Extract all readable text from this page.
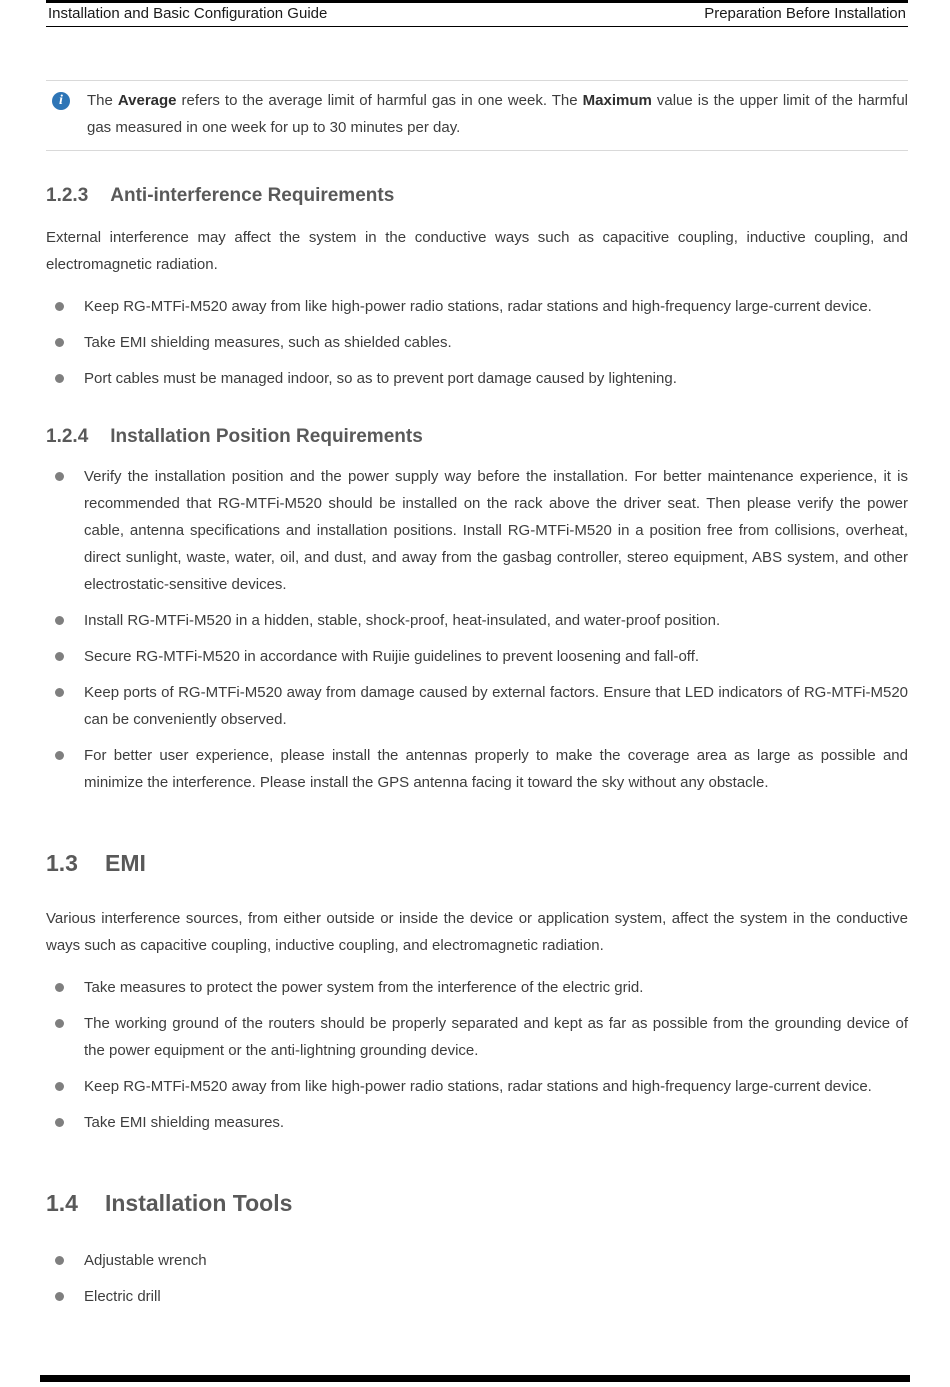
Installation and Basic Configuration Guide	Preparation Before Installation
i	The Average refers to the average limit of harmful gas in one week. The Maximum value is the upper limit of the harmful gas measured in one week for up to 30 minutes per day.

1.2.3 Anti-interference Requirements

External interference may affect the system in the conductive ways such as capacitive coupling, inductive coupling, and electromagnetic radiation.

Keep RG-MTFi-M520 away from like high-power radio stations, radar stations and high-frequency large-current device.
Take EMI shielding measures, such as shielded cables.
Port cables must be managed indoor, so as to prevent port damage caused by lightening.
1.2.4 Installation Position Requirements
Verify the installation position and the power supply way before the installation. For better maintenance experience, it is recommended that RG-MTFi-M520 should be installed on the rack above the driver seat. Then please verify the power cable, antenna specifications and installation positions. Install RG-MTFi-M520 in a position free from collisions, overheat, direct sunlight, waste, water, oil, and dust, and away from the gasbag controller, stereo equipment, ABS system, and other electrostatic-sensitive devices.
Install RG-MTFi-M520 in a hidden, stable, shock-proof, heat-insulated, and water-proof position.
Secure RG-MTFi-M520 in accordance with Ruijie guidelines to prevent loosening and fall-off.
Keep ports of RG-MTFi-M520 away from damage caused by external factors. Ensure that LED indicators of RG-MTFi-M520 can be conveniently observed.
For better user experience, please install the antennas properly to make the coverage area as large as possible and minimize the interference. Please install the GPS antenna facing it toward the sky without any obstacle.
1.3 EMI

Various interference sources, from either outside or inside the device or application system, affect the system in the conductive ways such as capacitive coupling, inductive coupling, and electromagnetic radiation.

Take measures to protect the power system from the interference of the electric grid.
The working ground of the routers should be properly separated and kept as far as possible from the grounding device of the power equipment or the anti-lightning grounding device.
Keep RG-MTFi-M520 away from like high-power radio stations, radar stations and high-frequency large-current device.
Take EMI shielding measures.
1.4 Installation Tools
Adjustable wrench
Electric drill
